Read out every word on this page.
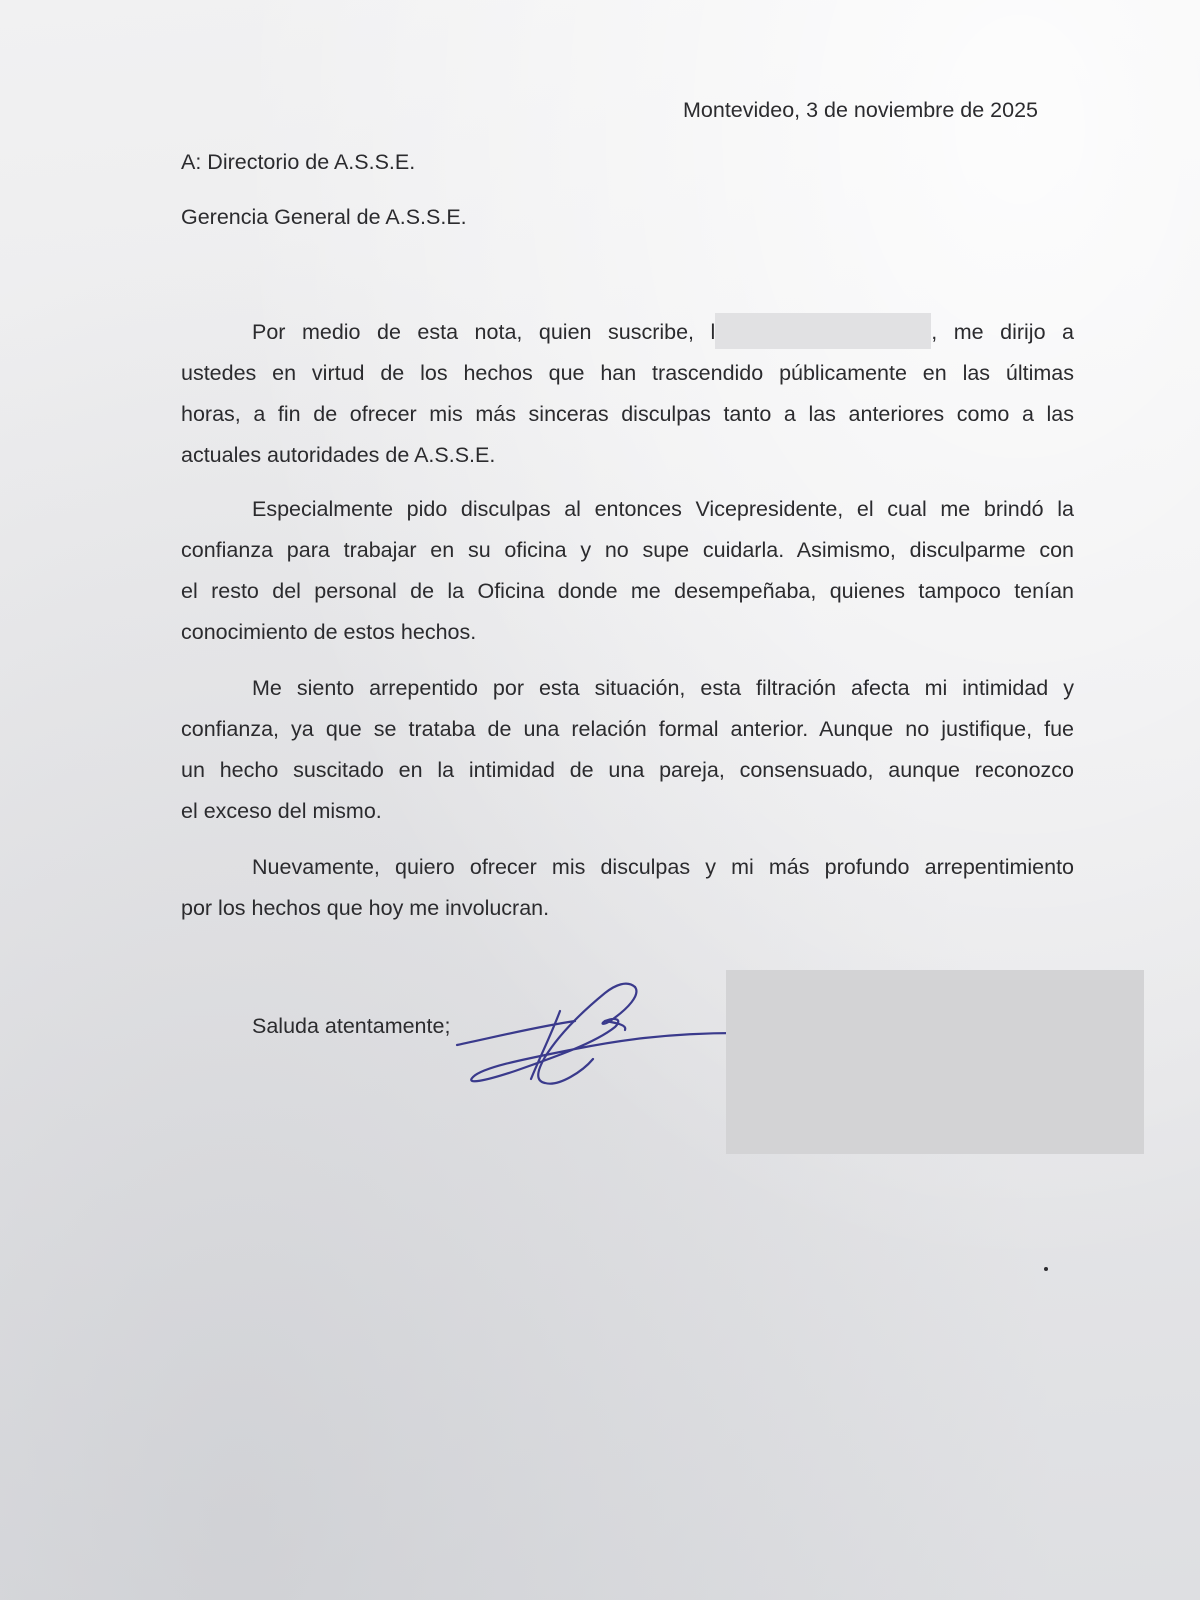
Montevideo, 3 de noviembre de 2025
A: Directorio de A.S.S.E.
Gerencia General de A.S.S.E.
Por medio de esta nota, quien suscribe, l	, me dirijo a
ustedes en virtud de los hechos que han trascendido públicamente en las últimas
horas, a fin de ofrecer mis más sinceras disculpas tanto a las anteriores como a las
actuales autoridades de A.S.S.E.
Especialmente pido disculpas al entonces Vicepresidente, el cual me brindó la
confianza para trabajar en su oficina y no supe cuidarla. Asimismo, disculparme con
el resto del personal de la Oficina donde me desempeñaba, quienes tampoco tenían
conocimiento de estos hechos.
Me siento arrepentido por esta situación, esta filtración afecta mi intimidad y
confianza, ya que se trataba de una relación formal anterior. Aunque no justifique, fue
un hecho suscitado en la intimidad de una pareja, consensuado, aunque reconozco
el exceso del mismo.
Nuevamente, quiero ofrecer mis disculpas y mi más profundo arrepentimiento
por los hechos que hoy me involucran.
Saluda atentamente;
